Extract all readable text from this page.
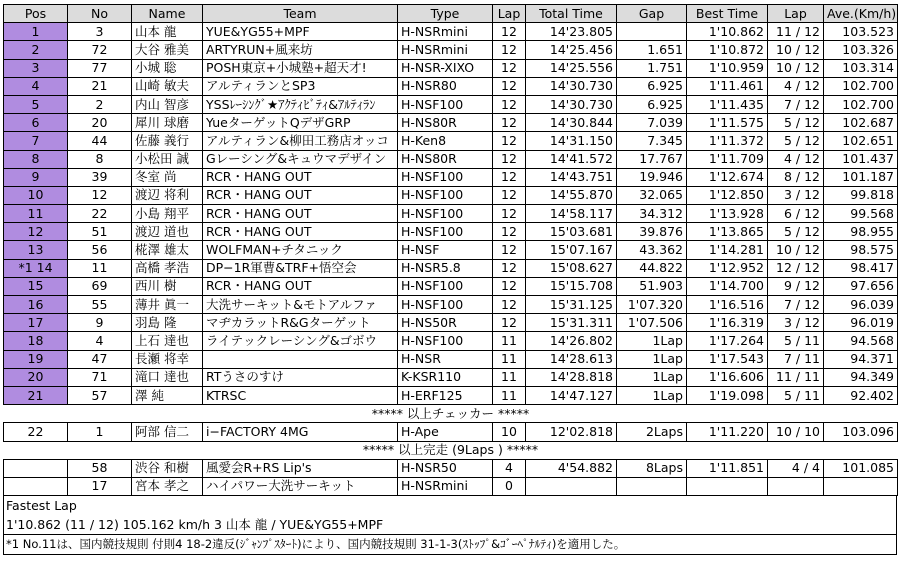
Pos	No	Name	Team	Type	Lap	Total Time	Gap	Best Time	Lap	Ave.(Km/h)
1	3	山本 龍	YUE&YG55+MPF	H-NSRmini	12	14'23.805		1'10.862	11 / 12	103.523
2	72	大谷 雅美	ARTYRUN+風来坊	H-NSRmini	12	14'25.456	1.651	1'10.872	10 / 12	103.326
3	77	小城 聡	POSH東京+小城塾+超天才!	H-NSR-XIXO	12	14'25.556	1.751	1'10.959	10 / 12	103.314
4	21	山崎 敏夫	アルティランとSP3	H-NSR80	12	14'30.730	6.925	1'11.461	4 / 12	102.700
5	2	内山 智彦	YSSﾚｰｼﾝｸﾞ★ｱｸﾃｨﾋﾞﾃｨ&ｱﾙﾃｨﾗﾝ	H-NSF100	12	14'30.730	6.925	1'11.435	7 / 12	102.700
6	20	犀川 球磨	YueターゲットQデザGRP	H-NS80R	12	14'30.844	7.039	1'11.575	5 / 12	102.687
7	44	佐藤 義行	アルティラン&柳田工務店オッコ	H-Ken8	12	14'31.150	7.345	1'11.372	5 / 12	102.651
8	8	小松田 誠	Gレーシング&キュウマデザイン	H-NS80R	12	14'41.572	17.767	1'11.709	4 / 12	101.437
9	39	冬室 尚	RCR・HANG OUT	H-NSF100	12	14'43.751	19.946	1'12.674	8 / 12	101.187
10	12	渡辺 将利	RCR・HANG OUT	H-NSF100	12	14'55.870	32.065	1'12.850	3 / 12	99.818
11	22	小島 翔平	RCR・HANG OUT	H-NSF100	12	14'58.117	34.312	1'13.928	6 / 12	99.568
12	51	渡辺 道也	RCR・HANG OUT	H-NSF100	12	15'03.681	39.876	1'13.865	5 / 12	98.955
13	56	椛澤 雄太	WOLFMAN+チタニック	H-NSF	12	15'07.167	43.362	1'14.281	10 / 12	98.575
*1 14	11	高橋 孝浩	DP−1R軍曹&TRF+悟空会	H-NSR5.8	12	15'08.627	44.822	1'12.952	12 / 12	98.417
15	69	西川 樹	RCR・HANG OUT	H-NSF100	12	15'15.708	51.903	1'14.700	9 / 12	97.656
16	55	薄井 眞一	大洗サーキット&モトアルファ	H-NSF100	12	15'31.125	1'07.320	1'16.516	7 / 12	96.039
17	9	羽島 隆	マヂカラットR&Gターゲット	H-NS50R	12	15'31.311	1'07.506	1'16.319	3 / 12	96.019
18	4	上石 達也	ライテックレーシング&ゴボウ	H-NSF100	11	14'26.802	1Lap	1'17.264	5 / 11	94.568
19	47	長瀬 将幸		H-NSR	11	14'28.613	1Lap	1'17.543	7 / 11	94.371
20	71	滝口 達也	RTうさのすけ	K-KSR110	11	14'28.818	1Lap	1'16.606	11 / 11	94.349
21	57	澤 純	KTRSC	H-ERF125	11	14'47.127	1Lap	1'19.098	5 / 11	92.402
***** 以上チェッカー *****										
22	1	阿部 信二	i−FACTORY 4MG	H-Ape	10	12'02.818	2Laps	1'11.220	10 / 10	103.096
***** 以上完走 (9Laps ) *****										
	58	渋谷 和樹	風愛会R+RS Lip's	H-NSR50	4	4'54.882	8Laps	1'11.851	4 / 4	101.085
	17	宮本 孝之	ハイパワー大洗サーキット	H-NSRmini	0					
Fastest Lap
1'10.862 (11 / 12) 105.162 km/h 3 山本 龍 / YUE&YG55+MPF
*1 No.11は、国内競技規則 付則4 18-2違反(ｼﾞｬﾝﾌﾟｽﾀｰﾄ)により、国内競技規則 31-1-3(ｽﾄｯﾌﾟ&ｺﾞｰﾍﾟﾅﾙﾃｨ)を適用した。
